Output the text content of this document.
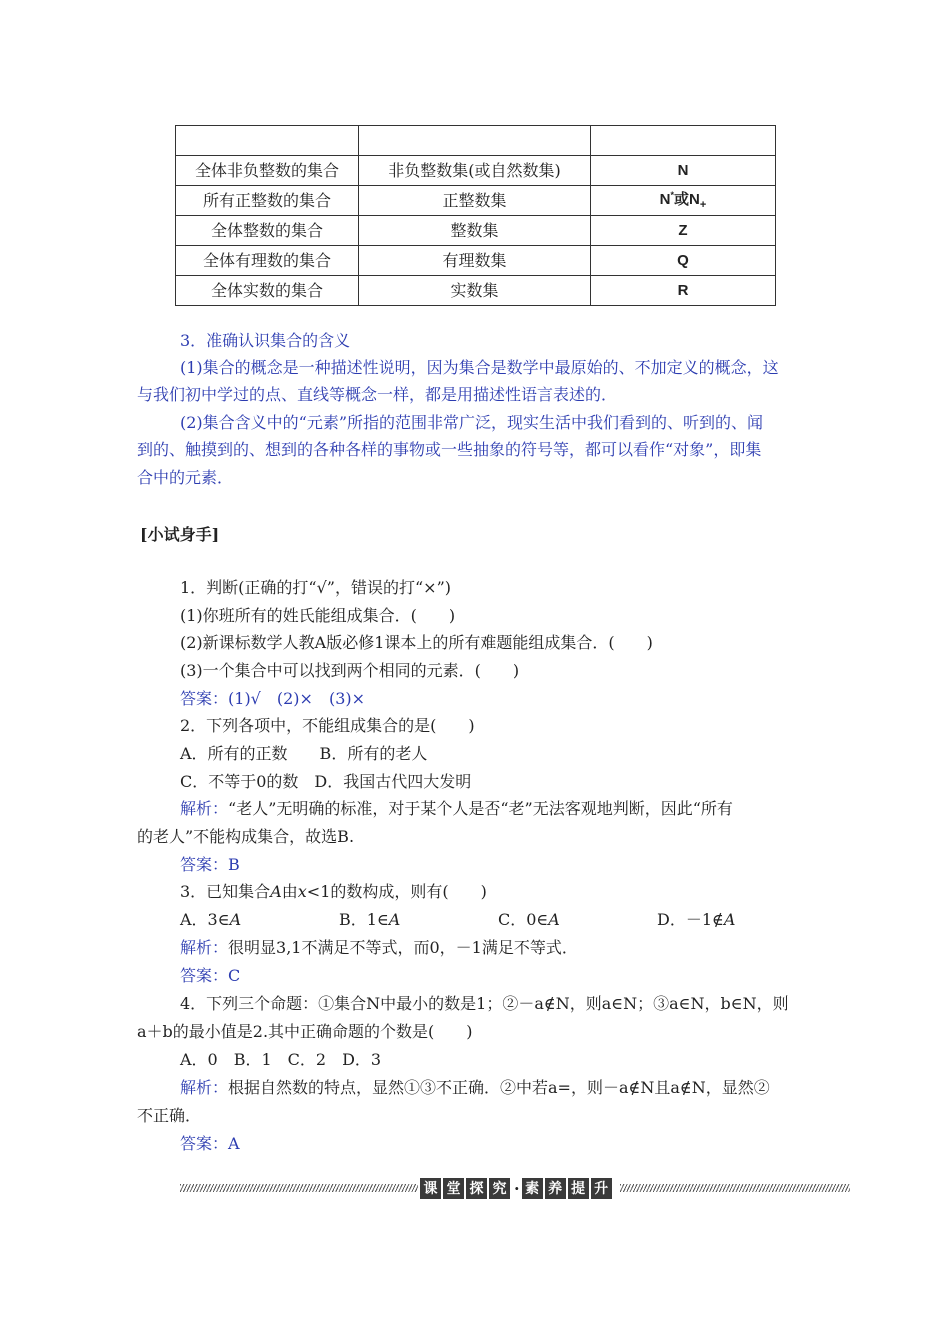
全体非负整数的集合	非负整数集(或自然数集)	N
所有正整数的集合	正整数集	N*或$N_+$
全体整数的集合	整数集	Z
全体有理数的集合	有理数集	Q
全体实数的集合	实数集	R
3．准确认识集合的含义
(1)集合的概念是一种描述性说明，因为集合是数学中最原始的、不加定义的概念，这
与我们初中学过的点、直线等概念一样，都是用描述性语言表述的．
(2)集合含义中的“元素”所指的范围非常广泛，现实生活中我们看到的、听到的、闻
到的、触摸到的、想到的各种各样的事物或一些抽象的符号等，都可以看作“对象”，即集
合中的元素．
[小试身手]
1．判断(正确的打“√”，错误的打“×”)
(1)你班所有的姓氏能组成集合．(　　)
(2)新课标数学人教A版必修1课本上的所有难题能组成集合．(　　)
(3)一个集合中可以找到两个相同的元素．(　　)
答案：(1)√　(2)×　(3)×
2．下列各项中，不能组成集合的是(　　)
A．所有的正数　　B．所有的老人
C．不等于0的数　D．我国古代四大发明
解析：“老人”无明确的标准，对于某个人是否“老”无法客观地判断，因此“所有
的老人”不能构成集合，故选B.
答案：B
3．已知集合A由x<1的数构成，则有(　　)
A．3∈A	B．1∈A	C．0∈A	D．－1∉A
解析：很明显3,1不满足不等式，而0，－1满足不等式．
答案：C
4．下列三个命题：①集合N中最小的数是1；②－a∉N，则a∈N；③a∈N，b∈N，则
a＋b的最小值是2.其中正确命题的个数是(　　)
A．0　B．1　C．2　D．3
解析：根据自然数的特点，显然①③不正确．②中若a=，则－a∉N且a∉N，显然②
不正确．
答案：A
课 堂 探 究 · 素 养 提 升
